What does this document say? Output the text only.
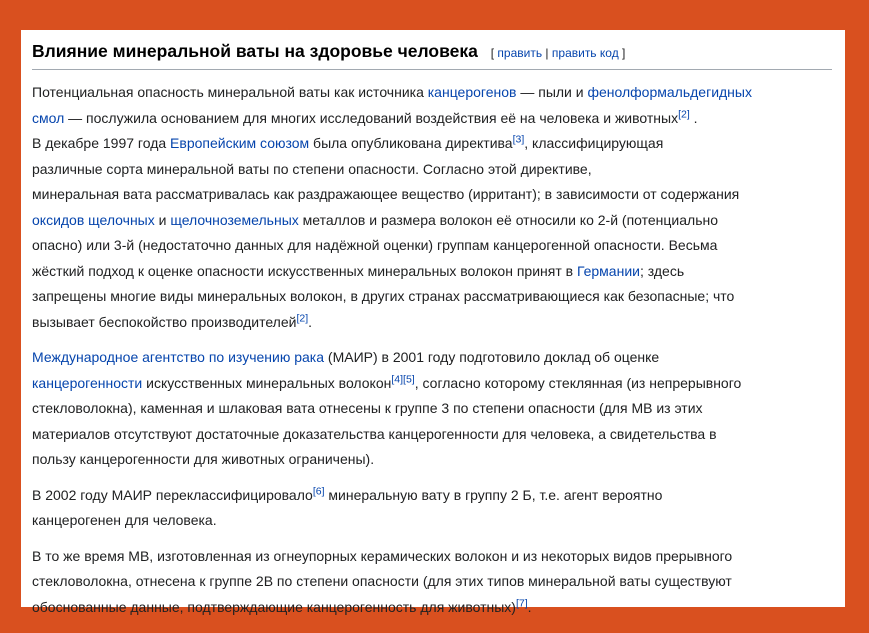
Влияние минеральной ваты на здоровье человека [ править | править код ]
Потенциальная опасность минеральной ваты как источника канцерогенов — пыли и фенолформальдегидных
смол — послужила основанием для многих исследований воздействия её на человека и животных[2] .
В декабре 1997 года Европейским союзом была опубликована директива[3], классифицирующая
различные сорта минеральной ваты по степени опасности. Согласно этой директиве,
минеральная вата рассматривалась как раздражающее вещество (ирритант); в зависимости от содержания
оксидов щелочных и щелочноземельных металлов и размера волокон её относили ко 2-й (потенциально
опасно) или 3-й (недостаточно данных для надёжной оценки) группам канцерогенной опасности. Весьма
жёсткий подход к оценке опасности искусственных минеральных волокон принят в Германии; здесь
запрещены многие виды минеральных волокон, в других странах рассматривающиеся как безопасные; что
вызывает беспокойство производителей[2].
Международное агентство по изучению рака (МАИР) в 2001 году подготовило доклад об оценке
канцерогенности искусственных минеральных волокон[4][5], согласно которому стеклянная (из непрерывного
стекловолокна), каменная и шлаковая вата отнесены к группе 3 по степени опасности (для МВ из этих
материалов отсутствуют достаточные доказательства канцерогенности для человека, а свидетельства в
пользу канцерогенности для животных ограничены).
В 2002 году МАИР переклассифицировало[6] минеральную вату в группу 2 Б, т.е. агент вероятно
канцерогенен для человека.
В то же время МВ, изготовленная из огнеупорных керамических волокон и из некоторых видов прерывного
стекловолокна, отнесена к группе 2В по степени опасности (для этих типов минеральной ваты существуют
обоснованные данные, подтверждающие канцерогенность для животных)[7].
